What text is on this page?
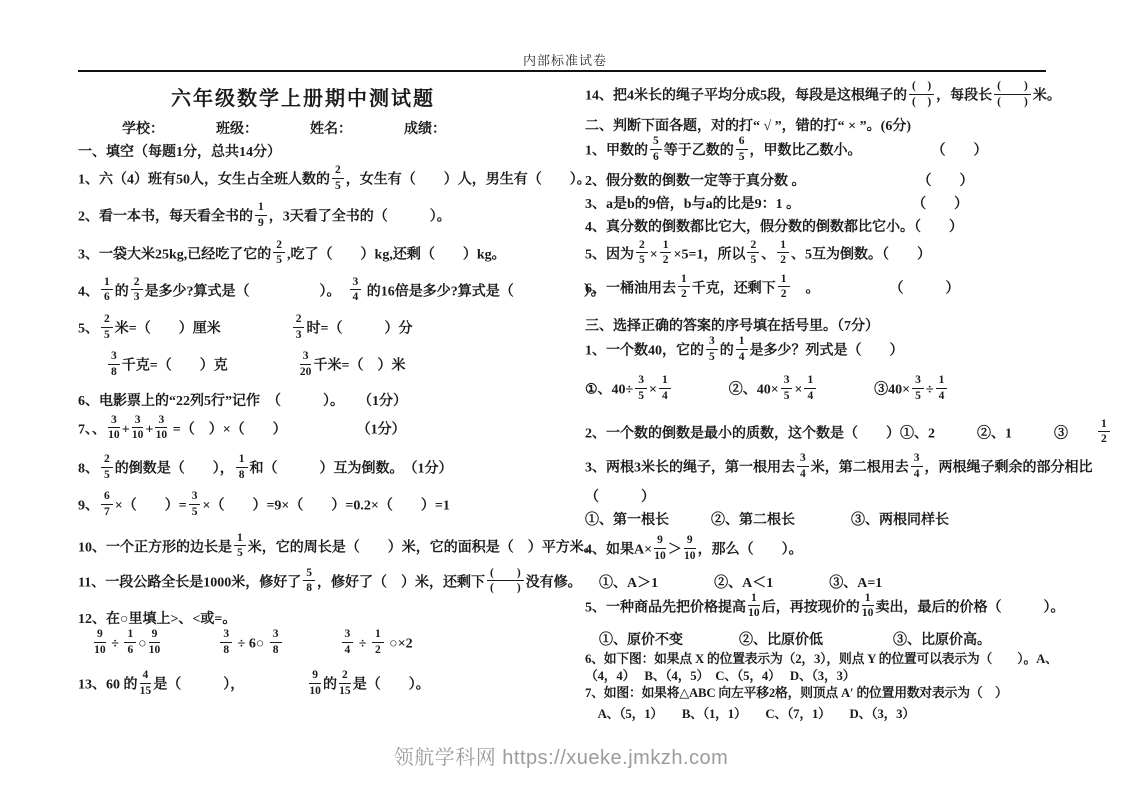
内部标准试卷
六年级数学上册期中测试题
学校：	班级：	姓名：	成绩：
一、填空（每题1分，总共14分）
1、六（4）班有50人，女生占全班人数的 $\frac{2}{5}$ ，女生有（　　）人，男生有（　　）。
2、看一本书，每天看全书的 $\frac{1}{9}$ ，3天看了全书的（　　　）。
3、一袋大米25kg,已经吃了它的 $\frac{2}{5}$ ,吃了（　　）kg,还剩（　　）kg。
4、 $\frac{1}{6}$ 的 $\frac{2}{3}$ 是多少?算式是（　　　　　）。　 $\frac{3}{4}$ 的16倍是多少?算式是（　　　　　）。
5、 $\frac{2}{5}$ 米=（　　）厘米　　　　　 $\frac{2}{3}$ 时=（　　　）分

$\frac{3}{8}$ 千克=（　　）克　　　　　 $\frac{3}{20}$ 千米=（　）米
6、电影票上的“22列5行”记作　（　　　）。　　（1分）
7、、 $\frac{3}{10} + \frac{3}{10} + \frac{3}{10}$ =（　）×（　　）　　　　　　（1分）
8、 $\frac{2}{5}$ 的倒数是（　　）， $\frac{1}{8}$ 和（　　　）互为倒数。　（1分）
9、 $\frac{6}{7}$ ×（　　）= $\frac{3}{5}$ ×（　　）=9×（　　）=0.2×（　　）=1
10、一个正方形的边长是 $\frac{1}{5}$ 米，它的周长是（　　）米，它的面积是（　）平方米。
11、一段公路全长是1000米，修好了 $\frac{5}{8}$ ，修好了（　）米，还剩下 $\frac{( )}{( )}$ 没有修。
12、在○里填上>、<或=。

$\frac{9}{10} \div \frac{1}{6}$ ○ $\frac{9}{10}$
　　　　	$\frac{3}{8}$ ÷ 6○ $\frac{3}{8}$
　　　　	$\frac{3}{4} \div \frac{1}{2}$ ○×2
13、60 的 $\frac{4}{15}$ 是（　　　），　　　　　 $\frac{9}{10}$ 的 $\frac{2}{15}$ 是（　　）。
14、把4米长的绳子平均分成5段，每段是这根绳子的 $\frac{( )}{( )}$ ，每段长 $\frac{( )}{( )}$ 米。
二、判断下面各题，对的打“ √ ”，错的打“ × ”。(6分)
1、甲数的 $\frac{5}{6}$ 等于乙数的 $\frac{6}{5}$ ，甲数比乙数小。　　　　　　（　　）
2、假分数的倒数一定等于真分数 。　　　　　　　　　（　　）
3、a是b的9倍，b与a的比是9：1 。　　　　　　　　　（　　）
4、真分数的倒数都比它大，假分数的倒数都比它小。（　　）
5、因为 $\frac{2}{5} \times \frac{1}{2} \times 5=1$，所以 $\frac{2}{5}$ 、 $\frac{1}{2}$ 、5互为倒数。（　　）
6、一桶油用去 $\frac{1}{2}$ 千克，还剩下 $\frac{1}{2}$ 　。　　　　　　（　　　）
三、选择正确的答案的序号填在括号里。（7分）
1、一个数40，它的 $\frac{3}{5}$ 的 $\frac{1}{4}$ 是多少？列式是（　　）
①、$40\div \frac{3}{5} \times \frac{1}{4}$ 　　　　②、$40\times \frac{3}{5} \times \frac{1}{4}$ 　　　　③40× $\frac{3}{5} \div \frac{1}{4}$
2、一个数的倒数是最小的质数，这个数是（　　）①、2　　　②、1　　　③　　 $\frac{1}{2}$
3、两根3米长的绳子，第一根用去 $\frac{3}{4}$ 米，第二根用去 $\frac{3}{4}$ ，两根绳子剩余的部分相比
（　　　）
①、第一根长　　　②、第二根长　　　　③、两根同样长
4、如果$A\times \frac{9}{10} > \frac{9}{10}$ ，那么（　　）。
　①、A＞1　　　　②、A＜1　　　　③、A=1
5、一种商品先把价格提高 $\frac{1}{10}$ 后，再按现价的 $\frac{1}{10}$ 卖出，最后的价格（　　　）。
　①、原价不变　　　　②、比原价低　　　　　③、比原价高。
6、如下图：如果点 X 的位置表示为（2，3），则点 Y 的位置可以表示为（　　）。A、（4，4）　 B、（4，5）　C、（5，4）　 D、（3，3）
7、如图：如果将△ABC 向左平移2格，则顶点 A′ 的位置用数对表示为（　）
　A、（5，1）　　B、（1，1）　　C、（7，1）　　D、（3，3）
领航学科网 https://xueke.jmkzh.com
